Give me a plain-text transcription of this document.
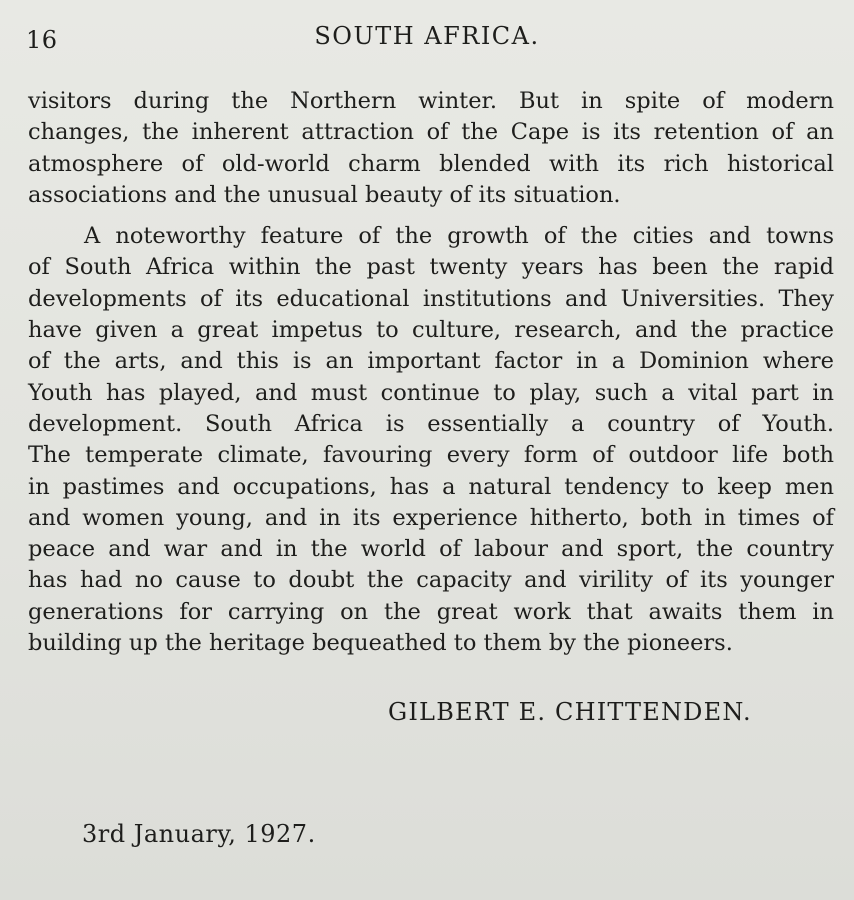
16	SOUTH AFRICA.
visitors during the Northern winter. But in spite of modern
changes, the inherent attraction of the Cape is its retention of an
atmosphere of old-world charm blended with its rich historical
associations and the unusual beauty of its situation.
A noteworthy feature of the growth of the cities and towns
of South Africa within the past twenty years has been the rapid
developments of its educational institutions and Universities. They
have given a great impetus to culture, research, and the practice
of the arts, and this is an important factor in a Dominion where
Youth has played, and must continue to play, such a vital part in
development. South Africa is essentially a country of Youth.
The temperate climate, favouring every form of outdoor life both
in pastimes and occupations, has a natural tendency to keep men
and women young, and in its experience hitherto, both in times of
peace and war and in the world of labour and sport, the country
has had no cause to doubt the capacity and virility of its younger
generations for carrying on the great work that awaits them in
building up the heritage bequeathed to them by the pioneers.
GILBERT E. CHITTENDEN.
3rd January, 1927.
